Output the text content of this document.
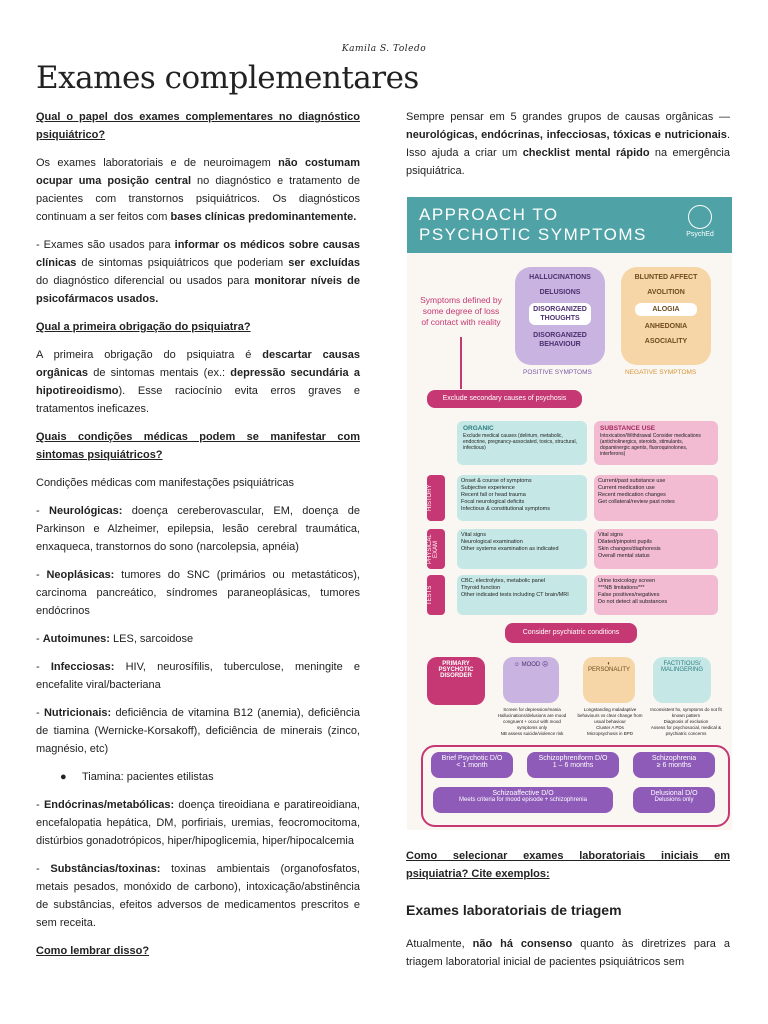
Kamila S. Toledo
Exames complementares

Qual o papel dos exames complementares no diagnóstico psiquiátrico?

Os exames laboratoriais e de neuroimagem não costumam ocupar uma posição central no diagnóstico e tratamento de pacientes com transtornos psiquiátricos. Os diagnósticos continuam a ser feitos com bases clínicas predominantemente.

- Exames são usados para informar os médicos sobre causas clínicas de sintomas psiquiátricos que poderiam ser excluídas do diagnóstico diferencial ou usados para monitorar níveis de psicofármacos usados.

Qual a primeira obrigação do psiquiatra?

A primeira obrigação do psiquiatra é descartar causas orgânicas de sintomas mentais (ex.: depressão secundária a hipotireoidismo). Esse raciocínio evita erros graves e tratamentos ineficazes.

Quais condições médicas podem se manifestar com sintomas psiquiátricos?

Condições médicas com manifestações psiquiátricas

- Neurológicas: doença cereberovascular, EM, doença de Parkinson e Alzheimer, epilepsia, lesão cerebral traumática, enxaqueca, transtornos do sono (narcolepsia, apnéia)

- Neoplásicas: tumores do SNC (primários ou metastáticos), carcinoma pancreático, síndromes paraneoplásicas, tumores endócrinos

- Autoimunes: LES, sarcoidose

- Infecciosas: HIV, neurosífilis, tuberculose, meningite e encefalite viral/bacteriana

- Nutricionais: deficiência de vitamina B12 (anemia), deficiência de tiamina (Wernicke-Korsakoff), deficiência de minerais (zinco, magnésio, etc)

●     Tiamina: pacientes etilistas

- Endócrinas/metabólicas: doença tireoidiana e paratireoidiana, encefalopatia hepática, DM, porfiriais, uremias, feocromocitoma, distúrbios gonadotrópicos, hiper/hipoglicemia, hiper/hipocalcemia

- Substâncias/toxinas: toxinas ambientais (organofosfatos, metais pesados, monóxido de carbono), intoxicação/abstinência de substâncias, efeitos adversos de medicamentos prescritos e sem receita.

Como lembrar disso?

Sempre pensar em 5 grandes grupos de causas orgânicas — neurológicas, endócrinas, infecciosas, tóxicas e nutricionais. Isso ajuda a criar um checklist mental rápido na emergência psiquiátrica.

Como selecionar exames laboratoriais iniciais em psiquiatria? Cite exemplos:

Exames laboratoriais de triagem

Atualmente, não há consenso quanto às diretrizes para a triagem laboratorial inicial de pacientes psiquiátricos sem

APPROACH TO
PSYCHOTIC SYMPTOMS	PsychEd
Symptoms defined by some degree of loss of contact with reality
HALLUCINATIONS
DELUSIONS
DISORGANIZED THOUGHTS
DISORGANIZED BEHAVIOUR
POSITIVE SYMPTOMS
BLUNTED AFFECT
AVOLITION
ALOGIA
ANHEDONIA
ASOCIALITY
NEGATIVE SYMPTOMS
Exclude secondary causes of psychosis
ORGANIC
Exclude medical causes (delirium, metabolic, endocrine, pregnancy-associated, toxics, structural, infectious)
SUBSTANCE USE
Intoxication/Withdrawal Consider medications (anticholinergics, steroids, stimulants, dopaminergic agents, fluoroquinolones, interferons)
HISTORY
Onset & course of symptoms
Subjective experience
Recent fall or head trauma
Focal neurological deficits
Infectious & constitutional symptoms
Current/past substance use
Current medication use
Recent medication changes
Get collateral/review past notes
PHYSICAL EXAM
Vital signs
Neurological examination
Other systems examination as indicated
Vital signs
Dilated/pinpoint pupils
Skin changes/diaphoresis
Overall mental status
TESTS
CBC, electrolytes, metabolic panel
Thyroid function
Other indicated tests including CT brain/MRI
Urine toxicology screen
***NB limitations***
False positives/negatives
Do not detect all substances
Consider psychiatric conditions
PRIMARY PSYCHOTIC DISORDER
☺ MOOD ☹	◐
PERSONALITY
FACTITIOUS/ MALINGERING
Screen for depression/mania
Hallucinations/delusions are mood congruent + occur with mood symptoms only
NB assess suicide/violence risk
Longstanding maladaptive behaviours vs clear change from usual behaviour
Cluster A PDs
Micropsychosis in BPD
Inconsistent hx, symptoms do not fit known pattern
Diagnosis of exclusion
Assess for psychosocial, medical & psychiatric concerns
Brief Psychotic D/O
< 1 month
Schizophreniform D/O
1 – 6 months
Schizophrenia
≥ 6 months
Schizoaffective D/O
Meets criteria for mood episode + schizophrenia
Delusional D/O
Delusions only
